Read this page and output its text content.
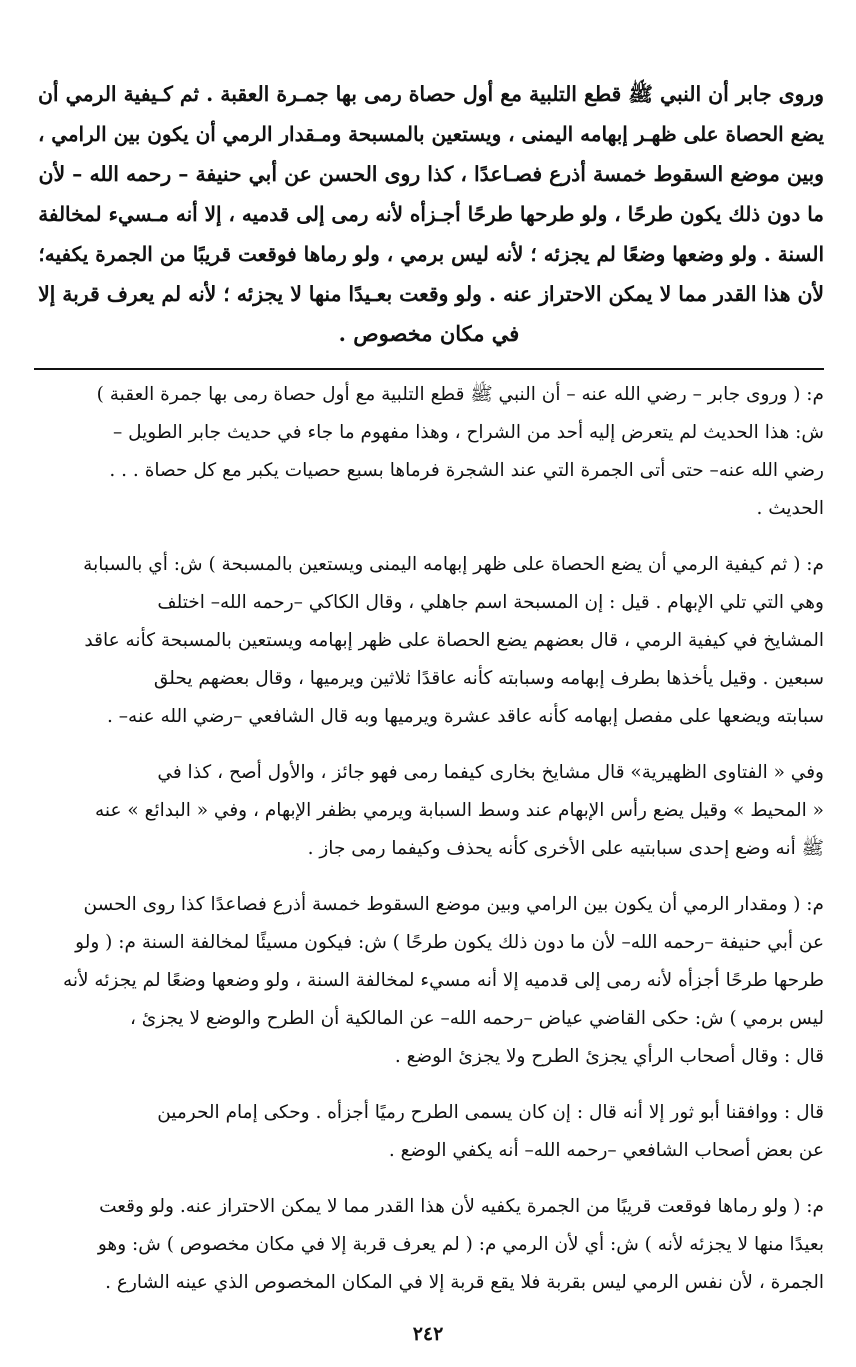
وروى جابر أن النبي ﷺ قطع التلبية مع أول حصاة رمى بها جمـرة العقبة . ثم كـيفية الرمي أن
يضع الحصاة على ظهـر إبهامه اليمنى ، ويستعين بالمسبحة ومـقدار الرمي أن يكون بين الرامي ،
وبين موضع السقوط خمسة أذرع فصـاعدًا ، كذا روى الحسن عن أبي حنيفة – رحمه الله – لأن
ما دون ذلك يكون طرحًا ، ولو طرحها طرحًا أجـزأه لأنه رمى إلى قدميه ، إلا أنه مـسيء لمخالفة
السنة . ولو وضعها وضعًا لم يجزئه ؛ لأنه ليس برمي ، ولو رماها فوقعت قريبًا من الجمرة يكفيه؛
لأن هذا القدر مما لا يمكن الاحتراز عنه . ولو وقعت بعـيدًا منها لا يجزئه ؛ لأنه لم يعرف قربة إلا
في مكان مخصوص .
م: ( وروى جابر – رضي الله عنه – أن النبي ﷺ قطع التلبية مع أول حصاة رمى بها جمرة العقبة )
ش: هذا الحديث لم يتعرض إليه أحد من الشراح ، وهذا مفهوم ما جاء في حديث جابر الطويل –
رضي الله عنه– حتى أتى الجمرة التي عند الشجرة فرماها بسبع حصيات يكبر مع كل حصاة . . .
الحديث .
م: ( ثم كيفية الرمي أن يضع الحصاة على ظهر إبهامه اليمنى ويستعين بالمسبحة ) ش: أي بالسبابة
وهي التي تلي الإبهام . قيل : إن المسبحة اسم جاهلي ، وقال الكاكي –رحمه الله– اختلف
المشايخ في كيفية الرمي ، قال بعضهم يضع الحصاة على ظهر إبهامه ويستعين بالمسبحة كأنه عاقد
سبعين . وقيل يأخذها بطرف إبهامه وسبابته كأنه عاقدًا ثلاثين ويرميها ، وقال بعضهم يحلق
سبابته ويضعها على مفصل إبهامه كأنه عاقد عشرة ويرميها وبه قال الشافعي –رضي الله عنه– .
وفي « الفتاوى الظهيرية» قال مشايخ بخارى كيفما رمى فهو جائز ، والأول أصح ، كذا في
« المحيط » وقيل يضع رأس الإبهام عند وسط السبابة ويرمي بظفر الإبهام ، وفي « البدائع » عنه
ﷺ أنه وضع إحدى سبابتيه على الأخرى كأنه يحذف وكيفما رمى جاز .
م: ( ومقدار الرمي أن يكون بين الرامي وبين موضع السقوط خمسة أذرع فصاعدًا كذا روى الحسن
عن أبي حنيفة –رحمه الله– لأن ما دون ذلك يكون طرحًا ) ش: فيكون مسيئًا لمخالفة السنة م: ( ولو
طرحها طرحًا أجزأه لأنه رمى إلى قدميه إلا أنه مسيء لمخالفة السنة ، ولو وضعها وضعًا لم يجزئه لأنه
ليس برمي ) ش: حكى القاضي عياض –رحمه الله– عن المالكية أن الطرح والوضع لا يجزئ ،
قال : وقال أصحاب الرأي يجزئ الطرح ولا يجزئ الوضع .
قال : ووافقنا أبو ثور إلا أنه قال : إن كان يسمى الطرح رميًا أجزأه . وحكى إمام الحرمين
عن بعض أصحاب الشافعي –رحمه الله– أنه يكفي الوضع .
م: ( ولو رماها فوقعت قريبًا من الجمرة يكفيه لأن هذا القدر مما لا يمكن الاحتراز عنه. ولو وقعت
بعيدًا منها لا يجزئه لأنه ) ش: أي لأن الرمي م: ( لم يعرف قربة إلا في مكان مخصوص ) ش: وهو
الجمرة ، لأن نفس الرمي ليس بقربة فلا يقع قربة إلا في المكان المخصوص الذي عينه الشارع .
٢٤٢
